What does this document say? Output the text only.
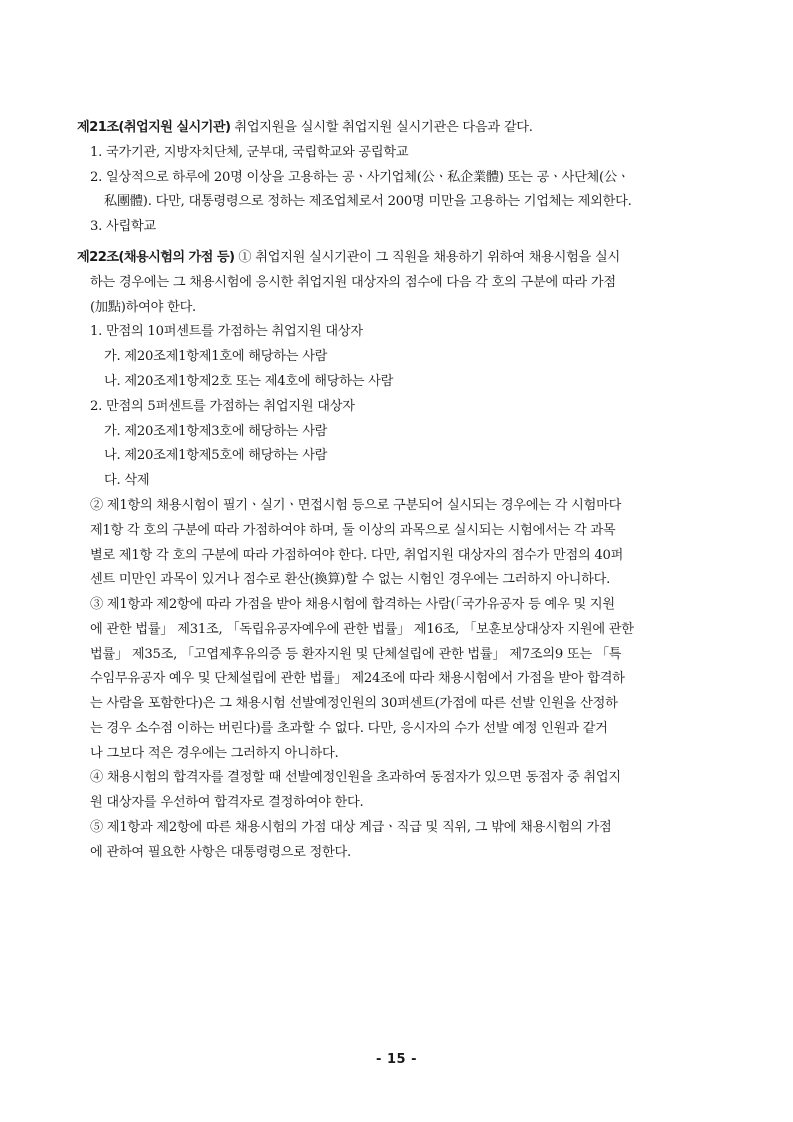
제21조(취업지원 실시기관) 취업지원을 실시할 취업지원 실시기관은 다음과 같다.
1. 국가기관, 지방자치단체, 군부대, 국립학교와 공립학교
2. 일상적으로 하루에 20명 이상을 고용하는 공ㆍ사기업체(公ㆍ私企業體) 또는 공ㆍ사단체(公ㆍ
私團體). 다만, 대통령령으로 정하는 제조업체로서 200명 미만을 고용하는 기업체는 제외한다.
3. 사립학교
제22조(채용시험의 가점 등) ① 취업지원 실시기관이 그 직원을 채용하기 위하여 채용시험을 실시
하는 경우에는 그 채용시험에 응시한 취업지원 대상자의 점수에 다음 각 호의 구분에 따라 가점
(加點)하여야 한다.
1. 만점의 10퍼센트를 가점하는 취업지원 대상자
가. 제20조제1항제1호에 해당하는 사람
나. 제20조제1항제2호 또는 제4호에 해당하는 사람
2. 만점의 5퍼센트를 가점하는 취업지원 대상자
가. 제20조제1항제3호에 해당하는 사람
나. 제20조제1항제5호에 해당하는 사람
다. 삭제
② 제1항의 채용시험이 필기ㆍ실기ㆍ면접시험 등으로 구분되어 실시되는 경우에는 각 시험마다
제1항 각 호의 구분에 따라 가점하여야 하며, 둘 이상의 과목으로 실시되는 시험에서는 각 과목
별로 제1항 각 호의 구분에 따라 가점하여야 한다. 다만, 취업지원 대상자의 점수가 만점의 40퍼
센트 미만인 과목이 있거나 점수로 환산(換算)할 수 없는 시험인 경우에는 그러하지 아니하다.
③ 제1항과 제2항에 따라 가점을 받아 채용시험에 합격하는 사람(「국가유공자 등 예우 및 지원
에 관한 법률」 제31조, 「독립유공자예우에 관한 법률」 제16조, 「보훈보상대상자 지원에 관한
법률」 제35조, 「고엽제후유의증 등 환자지원 및 단체설립에 관한 법률」 제7조의9 또는 「특
수임무유공자 예우 및 단체설립에 관한 법률」 제24조에 따라 채용시험에서 가점을 받아 합격하
는 사람을 포함한다)은 그 채용시험 선발예정인원의 30퍼센트(가점에 따른 선발 인원을 산정하
는 경우 소수점 이하는 버린다)를 초과할 수 없다. 다만, 응시자의 수가 선발 예정 인원과 같거
나 그보다 적은 경우에는 그러하지 아니하다.
④ 채용시험의 합격자를 결정할 때 선발예정인원을 초과하여 동점자가 있으면 동점자 중 취업지
원 대상자를 우선하여 합격자로 결정하여야 한다.
⑤ 제1항과 제2항에 따른 채용시험의 가점 대상 계급ㆍ직급 및 직위, 그 밖에 채용시험의 가점
에 관하여 필요한 사항은 대통령령으로 정한다.
- 15 -
